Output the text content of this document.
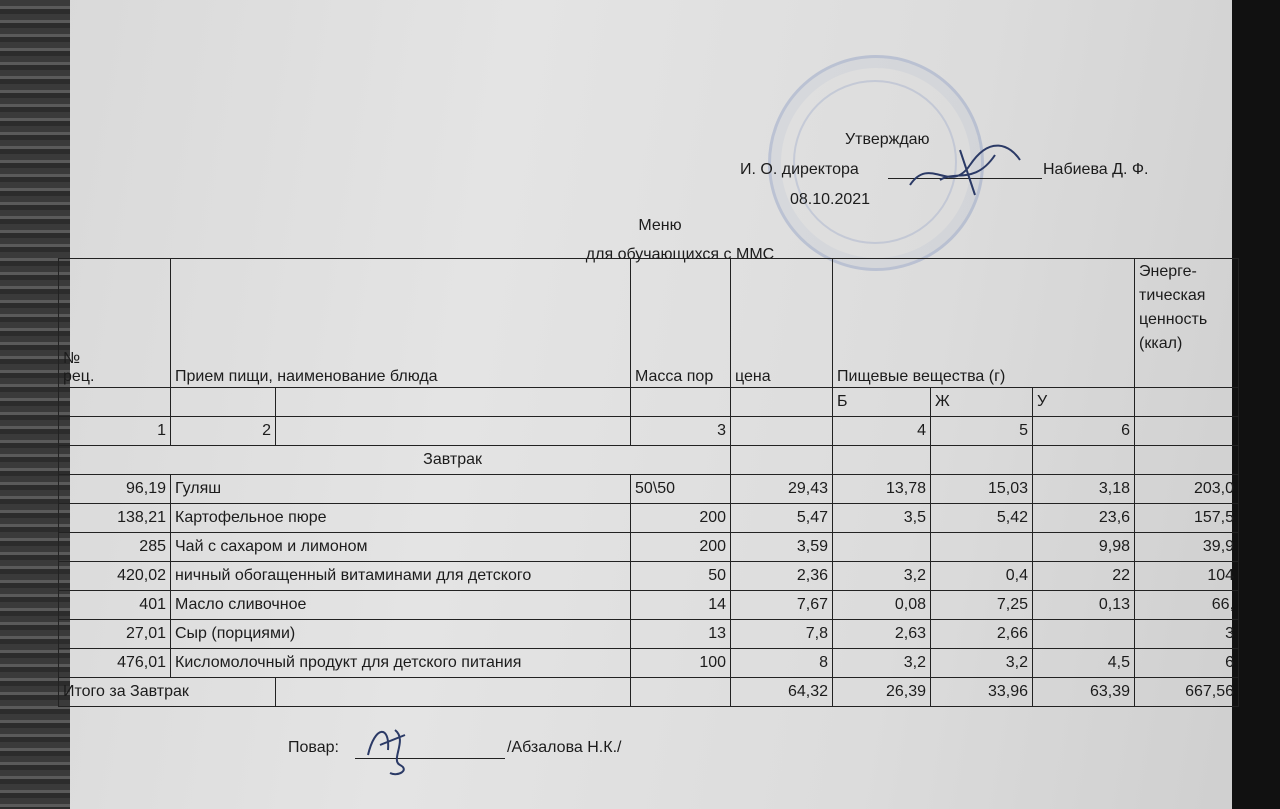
Утверждаю
И. О. директора	Набиева Д. Ф.
08.10.2021
Меню
для обучающихся с ММС
№
рец.	Прием пищи, наименование блюда		Масса пор	цена	Пищевые вещества (г)			Энерге-
тическая
ценность
(ккал)
					Б	Ж	У	
1	2		3		4	5	6	
Завтрак								
96,19	Гуляш		50\50	29,43	13,78	15,03	3,18	203,0
138,21	Картофельное пюре		200	5,47	3,5	5,42	23,6	157,5
285	Чай с сахаром и лимоном		200	3,59			9,98	39,9
420,02	ничный обогащенный витаминами для детского		50	2,36	3,2	0,4	22	104
401	Масло сливочное		14	7,67	0,08	7,25	0,13	66,
27,01	Сыр (порциями)		13	7,8	2,63	2,66		3
476,01	Кисломолочный продукт для детского питания		100	8	3,2	3,2	4,5	6
Итого за Завтрак				64,32	26,39	33,96	63,39	667,56
Повар:	/Абзалова Н.К./
